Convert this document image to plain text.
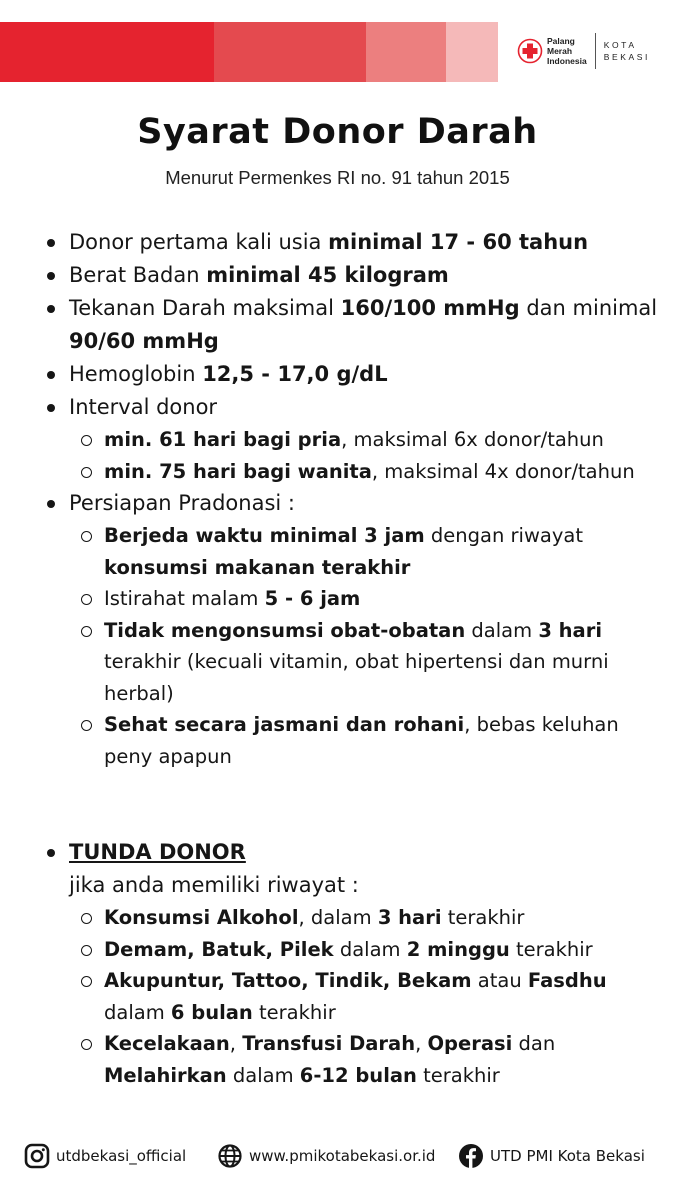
Palang
Merah
Indonesia
KOTA
BEKASI
Syarat Donor Darah
Menurut Permenkes RI no. 91 tahun 2015
Donor pertama kali usia minimal 17 - 60 tahun
Berat Badan minimal 45 kilogram
Tekanan Darah maksimal 160/100 mmHg dan minimal 90/60 mmHg
Hemoglobin 12,5 - 17,0 g/dL
Interval donor
min. 61 hari bagi pria, maksimal 6x donor/tahun
min. 75 hari bagi wanita, maksimal 4x donor/tahun
Persiapan Pradonasi :
Berjeda waktu minimal 3 jam dengan riwayat konsumsi makanan terakhir
Istirahat malam 5 - 6 jam
Tidak mengonsumsi obat-obatan dalam 3 hari terakhir (kecuali vitamin, obat hipertensi dan murni herbal)
Sehat secara jasmani dan rohani, bebas keluhan peny apapun
TUNDA DONOR
jika anda memiliki riwayat :
Konsumsi Alkohol, dalam 3 hari terakhir
Demam, Batuk, Pilek dalam 2 minggu terakhir
Akupuntur, Tattoo, Tindik, Bekam atau Fasdhu dalam 6 bulan terakhir
Kecelakaan, Transfusi Darah, Operasi dan Melahirkan dalam 6-12 bulan terakhir
utdbekasi_official	www.pmikotabekasi.or.id	UTD PMI Kota Bekasi
